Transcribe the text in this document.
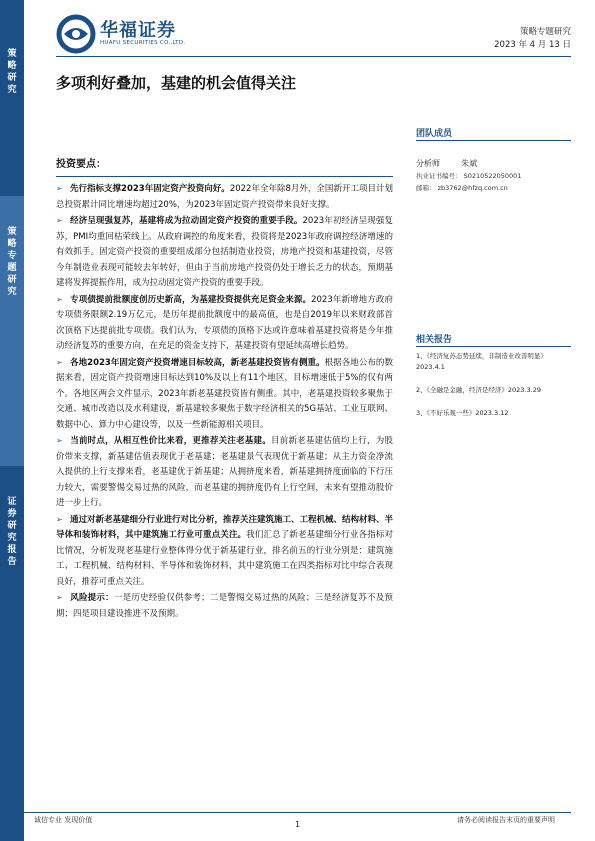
策
略
研
究
策
略
专
题
研
究
证
券
研
究
报
告
华福证券
HUAFU SECURITIES CO.,LTD.
策略专题研究
2023 年 4 月 13 日
多项利好叠加，基建的机会值得关注
团队成员
分析师	朱斌
执业证书编号： S0210522050001
邮箱： zb3762@hfzq.com.cn
相关报告
1、《经济复苏态势延续，非制造业改善明显》2023.4.1
2、《全融是金融，经济是经济》2023.3.29
3、《不好乐观一些》2023.3.12
投资要点：

➢ 先行指标支撑2023年固定资产投资向好。2022年全年除8月外，全国新开工项目计划总投资累计同比增速均超过20%，为2023年固定资产投资带来良好支撑。

➢ 经济呈现强复苏，基建将成为拉动固定资产投资的重要手段。2023年初经济呈现强复苏，PMI均重回枯荣线上。从政府调控的角度来看，投资将是2023年政府调控经济增速的有效抓手。固定资产投资的重要组成部分包括制造业投资，房地产投资和基建投资，尽管今年制造业表现可能较去年转好，但由于当前房地产投资仍处于增长乏力的状态，预期基建将发挥提振作用，成为拉动固定资产投资的重要手段。

➢ 专项债提前批额度创历史新高，为基建投资提供充足资金来源。2023年新增地方政府专项债务限额2.19万亿元，是历年提前批额度中的最高值，也是自2019年以来财政部首次顶格下达提前批专项债。我们认为，专项债的顶格下达或许意味着基建投资将是今年推动经济复苏的重要方向，在充足的资金支持下，基建投资有望延续高增长趋势。

➢ 各地2023年固定资产投资增速目标较高，新老基建投资皆有侧重。根据各地公布的数据来看，固定资产投资增速目标达到10%及以上有11个地区，目标增速低于5%的仅有两个。各地区两会文件显示，2023年新老基建投资皆有侧重。其中，老基建投资较多聚焦于交通、城市改造以及水利建设，新基建较多聚焦于数字经济相关的5G基站、工业互联网、数据中心、算力中心建设等，以及一些新能源相关项目。

➢ 当前时点，从相互性价比来看，更推荐关注老基建。目前新老基建估值均上行，为股价带来支撑，新基建估值表现优于老基建；老基建景气表现优于新基建；从主力资金净流入提供的上行支撑来看，老基建优于新基建；从拥挤度来看，新基建拥挤度面临的下行压力较大，需要警惕交易过热的风险，而老基建的拥挤度仍有上行空间，未来有望推动股价进一步上行。

➢ 通过对新老基建细分行业进行对比分析，推荐关注建筑施工、工程机械、结构材料、半导体和装饰材料，其中建筑施工行业可重点关注。我们汇总了新老基建细分行业各指标对比情况，分析发现老基建行业整体得分优于新基建行业，排名前五的行业分别是：建筑施工、工程机械、结构材料、半导体和装饰材料，其中建筑施工在四类指标对比中综合表现良好，推荐可重点关注。

➢ 风险提示：一是历史经验仅供参考；二是警惕交易过热的风险；三是经济复苏不及预期；四是项目建设推进不及预期。

诚信专业 发现价值	请务必阅读报告末页的重要声明
1
